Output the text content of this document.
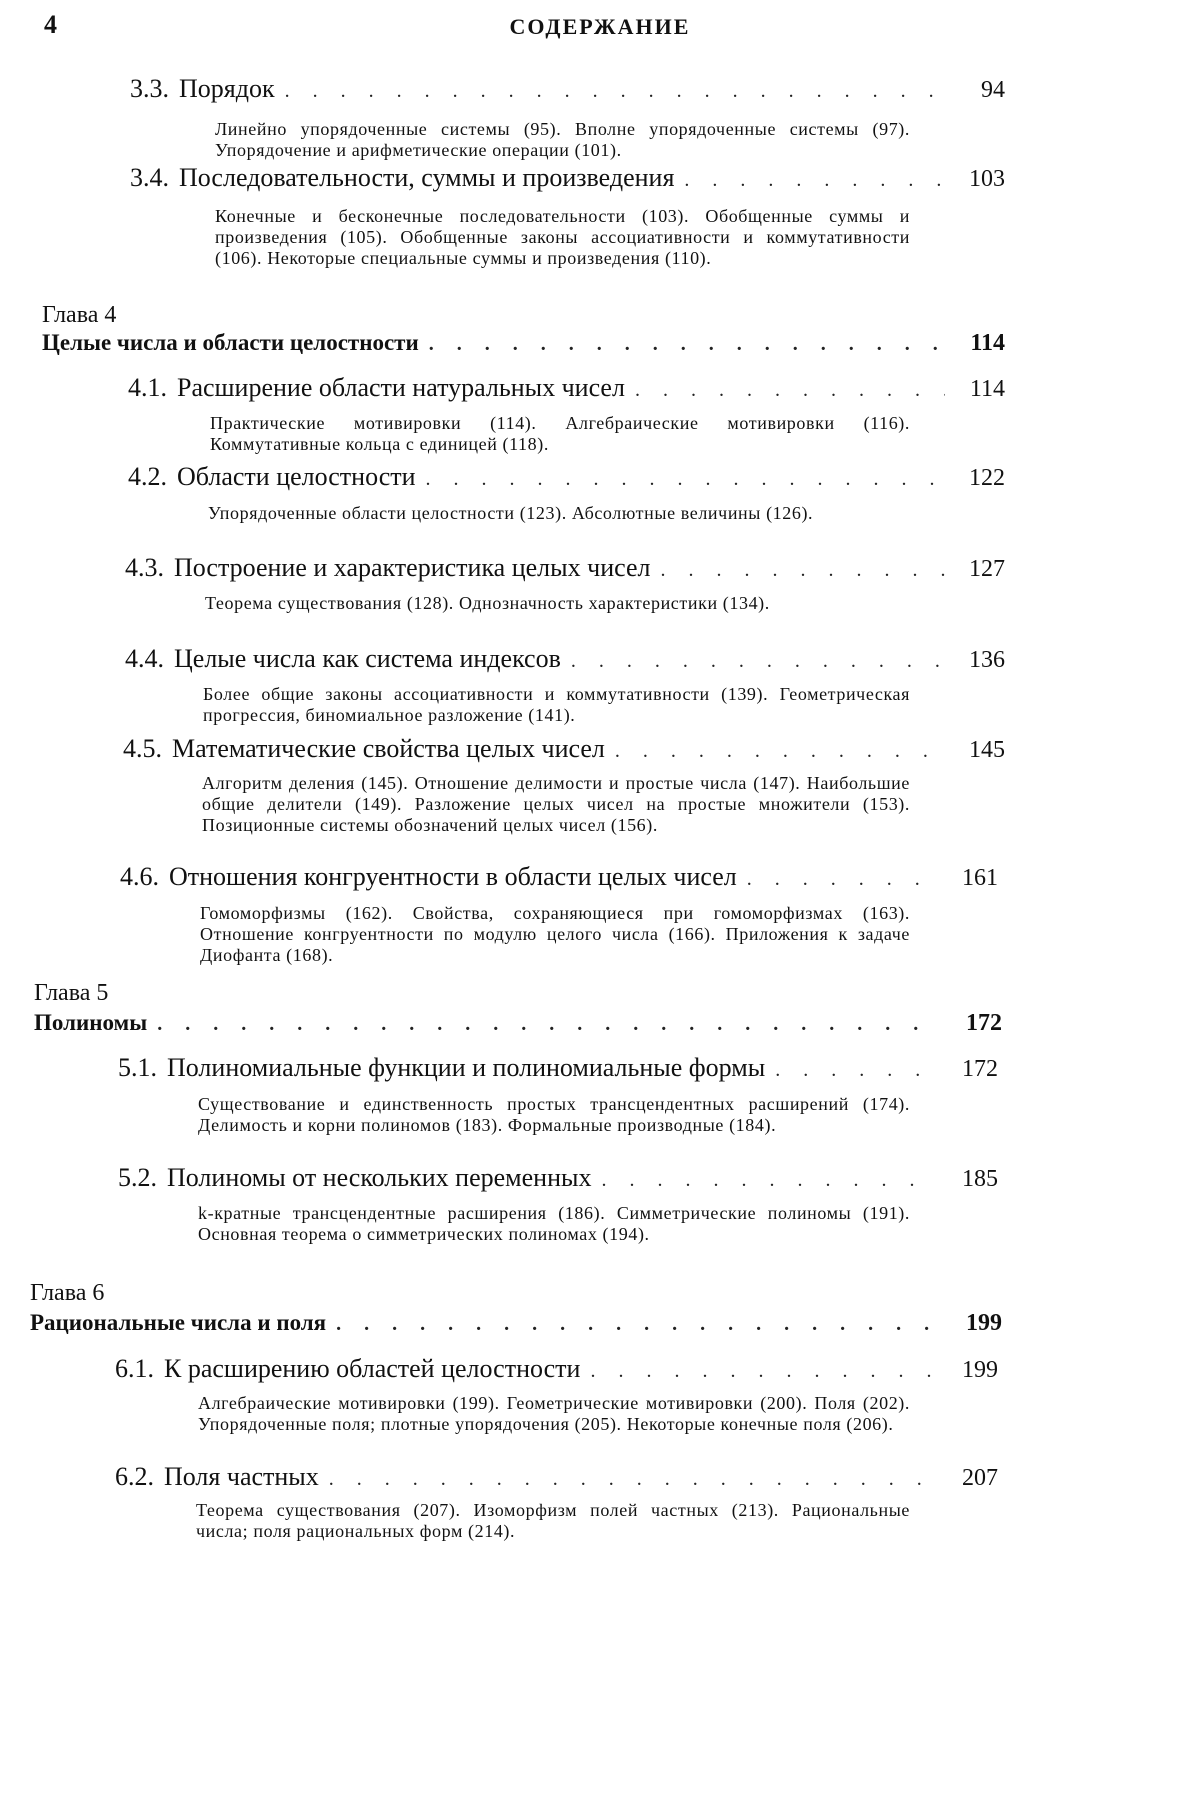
4	СОДЕРЖАНИЕ
3.3. Порядок
. . .	94
Линейно упорядоченные системы (95). Вполне упорядоченные системы (97). Упорядочение и арифметические операции (101).
3.4. Последовательности, суммы и произведения
. . .	103
Конечные и бесконечные последовательности (103). Обобщенные суммы и произведения (105). Обобщенные законы ассоциативности и коммутативности (106). Некоторые специальные суммы и произведения (110).
Глава 4
Целые числа и области целостности
. . .	114
4.1. Расширение области натуральных чисел
. . .	114
Практические мотивировки (114). Алгебраические мотивировки (116). Коммутативные кольца с единицей (118).
4.2. Области целостности
. . .	122
Упорядоченные области целостности (123). Абсолютные величины (126).
4.3. Построение и характеристика целых чисел
. . .	127
Теорема существования (128). Однозначность характеристики (134).
4.4. Целые числа как система индексов
. . .	136
Более общие законы ассоциативности и коммутативности (139). Геометрическая прогрессия, биномиальное разложение (141).
4.5. Математические свойства целых чисел
. . .	145
Алгоритм деления (145). Отношение делимости и простые числа (147). Наибольшие общие делители (149). Разложение целых чисел на простые множители (153). Позиционные системы обозначений целых чисел (156).
4.6. Отношения конгруентности в области целых чисел
. . .	161
Гомоморфизмы (162). Свойства, сохраняющиеся при гомоморфизмах (163). Отношение конгруентности по модулю целого числа (166). Приложения к задаче Диофанта (168).
Глава 5
Полиномы
. . .	172
5.1. Полиномиальные функции и полиномиальные формы
. . .	172
Существование и единственность простых трансцендентных расширений (174). Делимость и корни полиномов (183). Формальные производные (184).
5.2. Полиномы от нескольких переменных
. . .	185
k-кратные трансцендентные расширения (186). Симметрические полиномы (191). Основная теорема о симметрических полиномах (194).
Глава 6
Рациональные числа и поля
. . .	199
6.1. К расширению областей целостности
. . .	199
Алгебраические мотивировки (199). Геометрические мотивировки (200). Поля (202). Упорядоченные поля; плотные упорядочения (205). Некоторые конечные поля (206).
6.2. Поля частных
. . .	207
Теорема существования (207). Изоморфизм полей частных (213). Рациональные числа; поля рациональных форм (214).
